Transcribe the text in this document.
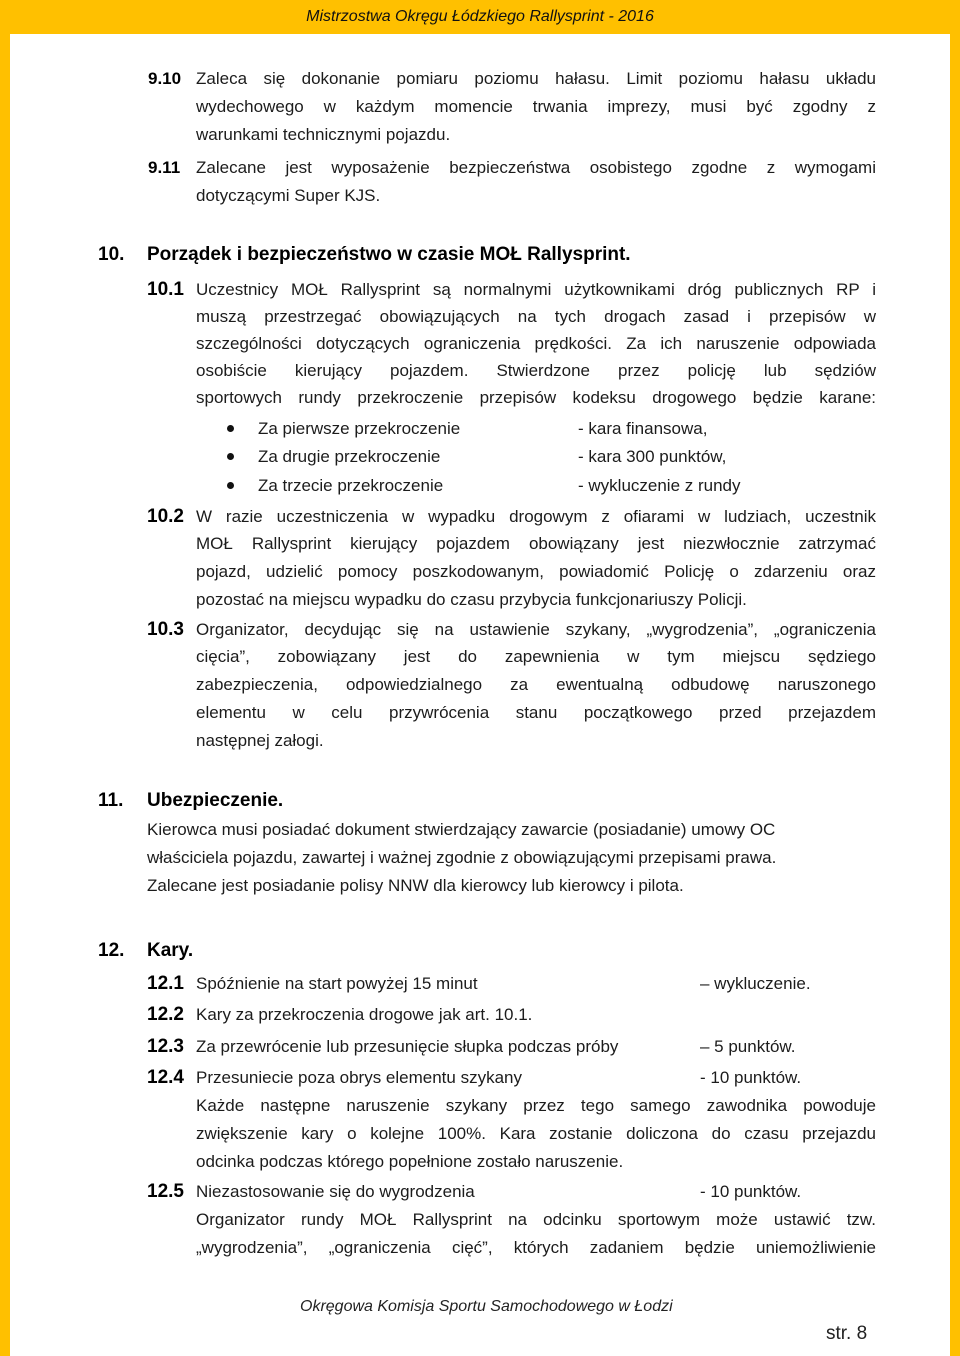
Mistrzostwa Okręgu Łódzkiego Rallysprint - 2016
9.10 Zaleca się dokonanie pomiaru poziomu hałasu. Limit poziomu hałasu układu
wydechowego w każdym momencie trwania imprezy, musi być zgodny z
warunkami technicznymi pojazdu.
9.11 Zalecane jest wyposażenie bezpieczeństwa osobistego zgodne z wymogami
dotyczącymi Super KJS.
10. Porządek i bezpieczeństwo w czasie MOŁ Rallysprint.
10.1 Uczestnicy MOŁ Rallysprint są normalnymi użytkownikami dróg publicznych RP i
muszą przestrzegać obowiązujących na tych drogach zasad i przepisów w
szczególności dotyczących ograniczenia prędkości. Za ich naruszenie odpowiada
osobiście kierujący pojazdem. Stwierdzone przez policję lub sędziów
sportowych rundy przekroczenie przepisów kodeksu drogowego będzie karane:
Za pierwsze przekroczenie	- kara finansowa,
Za drugie przekroczenie	- kara 300 punktów,
Za trzecie przekroczenie	- wykluczenie z rundy
10.2 W razie uczestniczenia w wypadku drogowym z ofiarami w ludziach, uczestnik
MOŁ Rallysprint kierujący pojazdem obowiązany jest niezwłocznie zatrzymać
pojazd, udzielić pomocy poszkodowanym, powiadomić Policję o zdarzeniu oraz
pozostać na miejscu wypadku do czasu przybycia funkcjonariuszy Policji.
10.3 Organizator, decydując się na ustawienie szykany, „wygrodzenia”, „ograniczenia
cięcia”, zobowiązany jest do zapewnienia w tym miejscu sędziego
zabezpieczenia, odpowiedzialnego za ewentualną odbudowę naruszonego
elementu w celu przywrócenia stanu początkowego przed przejazdem
następnej załogi.
11. Ubezpieczenie.
Kierowca musi posiadać dokument stwierdzający zawarcie (posiadanie) umowy OC
właściciela pojazdu, zawartej i ważnej zgodnie z obowiązującymi przepisami prawa.
Zalecane jest posiadanie polisy NNW dla kierowcy lub kierowcy i pilota.
12. Kary.
12.1 Spóźnienie na start powyżej 15 minut	– wykluczenie.
12.2 Kary za przekroczenia drogowe jak art. 10.1.
12.3 Za przewrócenie lub przesunięcie słupka podczas próby	– 5 punktów.
12.4 Przesuniecie poza obrys elementu szykany	- 10 punktów.
Każde następne naruszenie szykany przez tego samego zawodnika powoduje
zwiększenie kary o kolejne 100%. Kara zostanie doliczona do czasu przejazdu
odcinka podczas którego popełnione zostało naruszenie.
12.5 Niezastosowanie się do wygrodzenia	- 10 punktów.
Organizator rundy MOŁ Rallysprint na odcinku sportowym może ustawić tzw.
„wygrodzenia”, „ograniczenia cięć”, których zadaniem będzie uniemożliwienie
Okręgowa Komisja Sportu Samochodowego w Łodzi
str. 8
